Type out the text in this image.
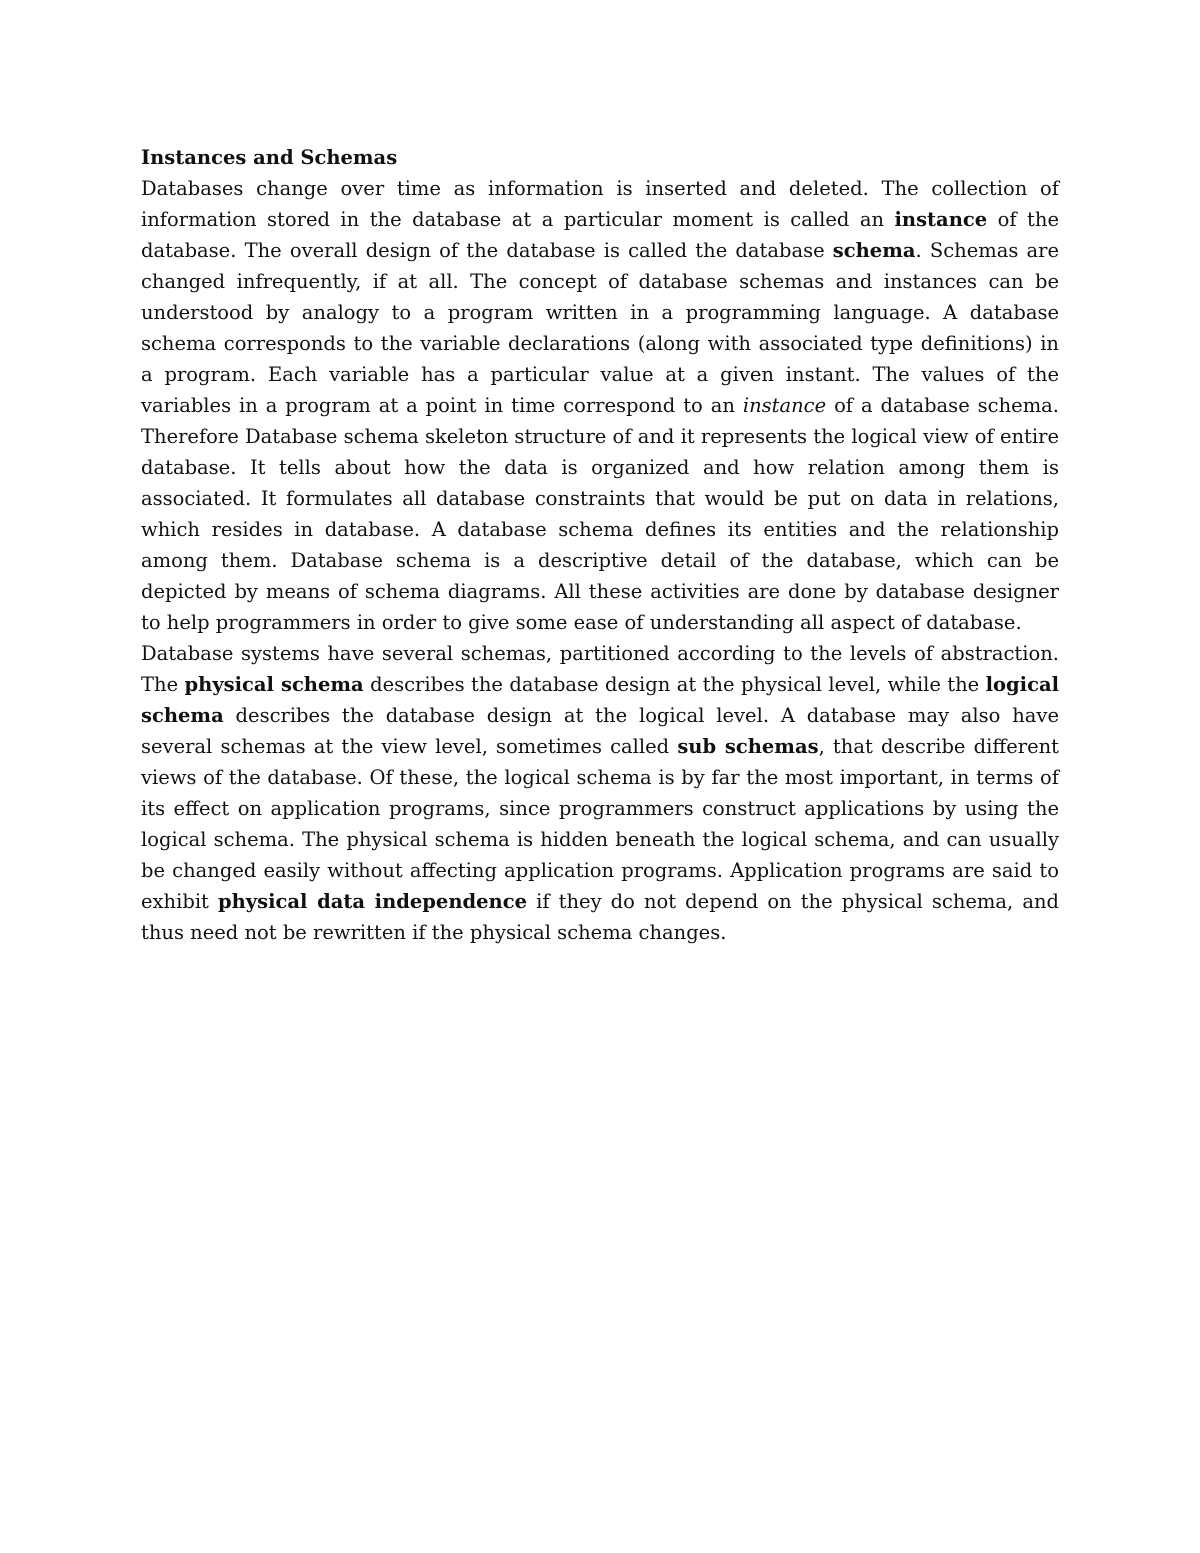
Instances and Schemas

Databases change over time as information is inserted and deleted. The collection of information stored in the database at a particular moment is called an instance of the database. The overall design of the database is called the database schema. Schemas are changed infrequently, if at all. The concept of database schemas and instances can be understood by analogy to a program written in a programming language. A database schema corresponds to the variable declarations (along with associated type definitions) in a program. Each variable has a particular value at a given instant. The values of the variables in a program at a point in time correspond to an instance of a database schema. Therefore Database schema skeleton structure of and it represents the logical view of entire database. It tells about how the data is organized and how relation among them is associated. It formulates all database constraints that would be put on data in relations, which resides in database. A database schema defines its entities and the relationship among them. Database schema is a descriptive detail of the database, which can be depicted by means of schema diagrams. All these activities are done by database designer to help programmers in order to give some ease of understanding all aspect of database.

Database systems have several schemas, partitioned according to the levels of abstraction. The physical schema describes the database design at the physical level, while the logical schema describes the database design at the logical level. A database may also have several schemas at the view level, sometimes called sub schemas, that describe different views of the database. Of these, the logical schema is by far the most important, in terms of its effect on application programs, since programmers construct applications by using the logical schema. The physical schema is hidden beneath the logical schema, and can usually be changed easily without affecting application programs. Application programs are said to exhibit physical data independence if they do not depend on the physical schema, and thus need not be rewritten if the physical schema changes.
